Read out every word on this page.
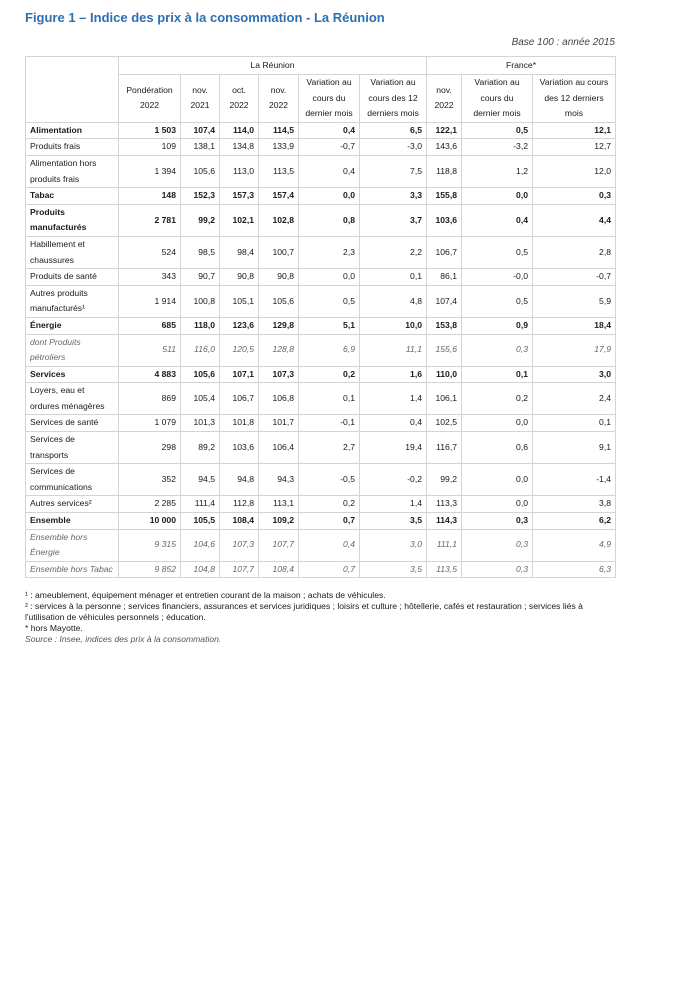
Figure 1 – Indice des prix à la consommation - La Réunion
Base 100 : année 2015
	La Réunion						France*		
	Pondération 2022	nov. 2021	oct. 2022	nov. 2022	Variation au cours du dernier mois	Variation au cours des 12 derniers mois	nov. 2022	Variation au cours du dernier mois	Variation au cours des 12 derniers mois
Alimentation	1 503	107,4	114,0	114,5	0,4	6,5	122,1	0,5	12,1
Produits frais	109	138,1	134,8	133,9	-0,7	-3,0	143,6	-3,2	12,7
Alimentation hors produits frais	1 394	105,6	113,0	113,5	0,4	7,5	118,8	1,2	12,0
Tabac	148	152,3	157,3	157,4	0,0	3,3	155,8	0,0	0,3
Produits manufacturés	2 781	99,2	102,1	102,8	0,8	3,7	103,6	0,4	4,4
Habillement et chaussures	524	98,5	98,4	100,7	2,3	2,2	106,7	0,5	2,8
Produits de santé	343	90,7	90,8	90,8	0,0	0,1	86,1	-0,0	-0,7
Autres produits manufacturés¹	1 914	100,8	105,1	105,6	0,5	4,8	107,4	0,5	5,9
Énergie	685	118,0	123,6	129,8	5,1	10,0	153,8	0,9	18,4
dont Produits pétroliers	511	116,0	120,5	128,8	6,9	11,1	155,6	0,3	17,9
Services	4 883	105,6	107,1	107,3	0,2	1,6	110,0	0,1	3,0
Loyers, eau et ordures ménagères	869	105,4	106,7	106,8	0,1	1,4	106,1	0,2	2,4
Services de santé	1 079	101,3	101,8	101,7	-0,1	0,4	102,5	0,0	0,1
Services de transports	298	89,2	103,6	106,4	2,7	19,4	116,7	0,6	9,1
Services de communications	352	94,5	94,8	94,3	-0,5	-0,2	99,2	0,0	-1,4
Autres services²	2 285	111,4	112,8	113,1	0,2	1,4	113,3	0,0	3,8
Ensemble	10 000	105,5	108,4	109,2	0,7	3,5	114,3	0,3	6,2
Ensemble hors Énergie	9 315	104,6	107,3	107,7	0,4	3,0	111,1	0,3	4,9
Ensemble hors Tabac	9 852	104,8	107,7	108,4	0,7	3,5	113,5	0,3	6,3
¹ : ameublement, équipement ménager et entretien courant de la maison ; achats de véhicules.
² : services à la personne ; services financiers, assurances et services juridiques ; loisirs et culture ; hôtellerie, cafés et restauration ; services liés à l'utilisation de véhicules personnels ; éducation.
* hors Mayotte.
Source : Insee, indices des prix à la consommation.
